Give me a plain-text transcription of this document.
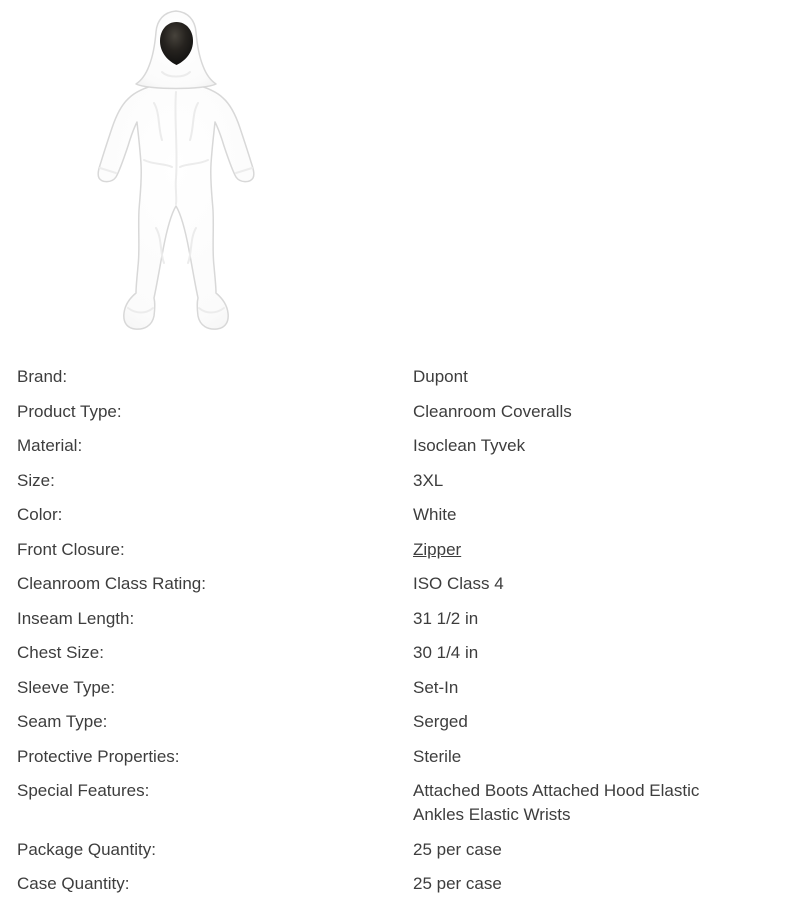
Brand:	Dupont
Product Type:	Cleanroom Coveralls
Material:	Isoclean Tyvek
Size:	3XL
Color:	White
Front Closure:	Zipper
Cleanroom Class Rating:	ISO Class 4
Inseam Length:	31 1/2 in
Chest Size:	30 1/4 in
Sleeve Type:	Set-In
Seam Type:	Serged
Protective Properties:	Sterile
Special Features:	Attached Boots Attached Hood Elastic Ankles Elastic Wrists
Package Quantity:	25 per case
Case Quantity:	25 per case
